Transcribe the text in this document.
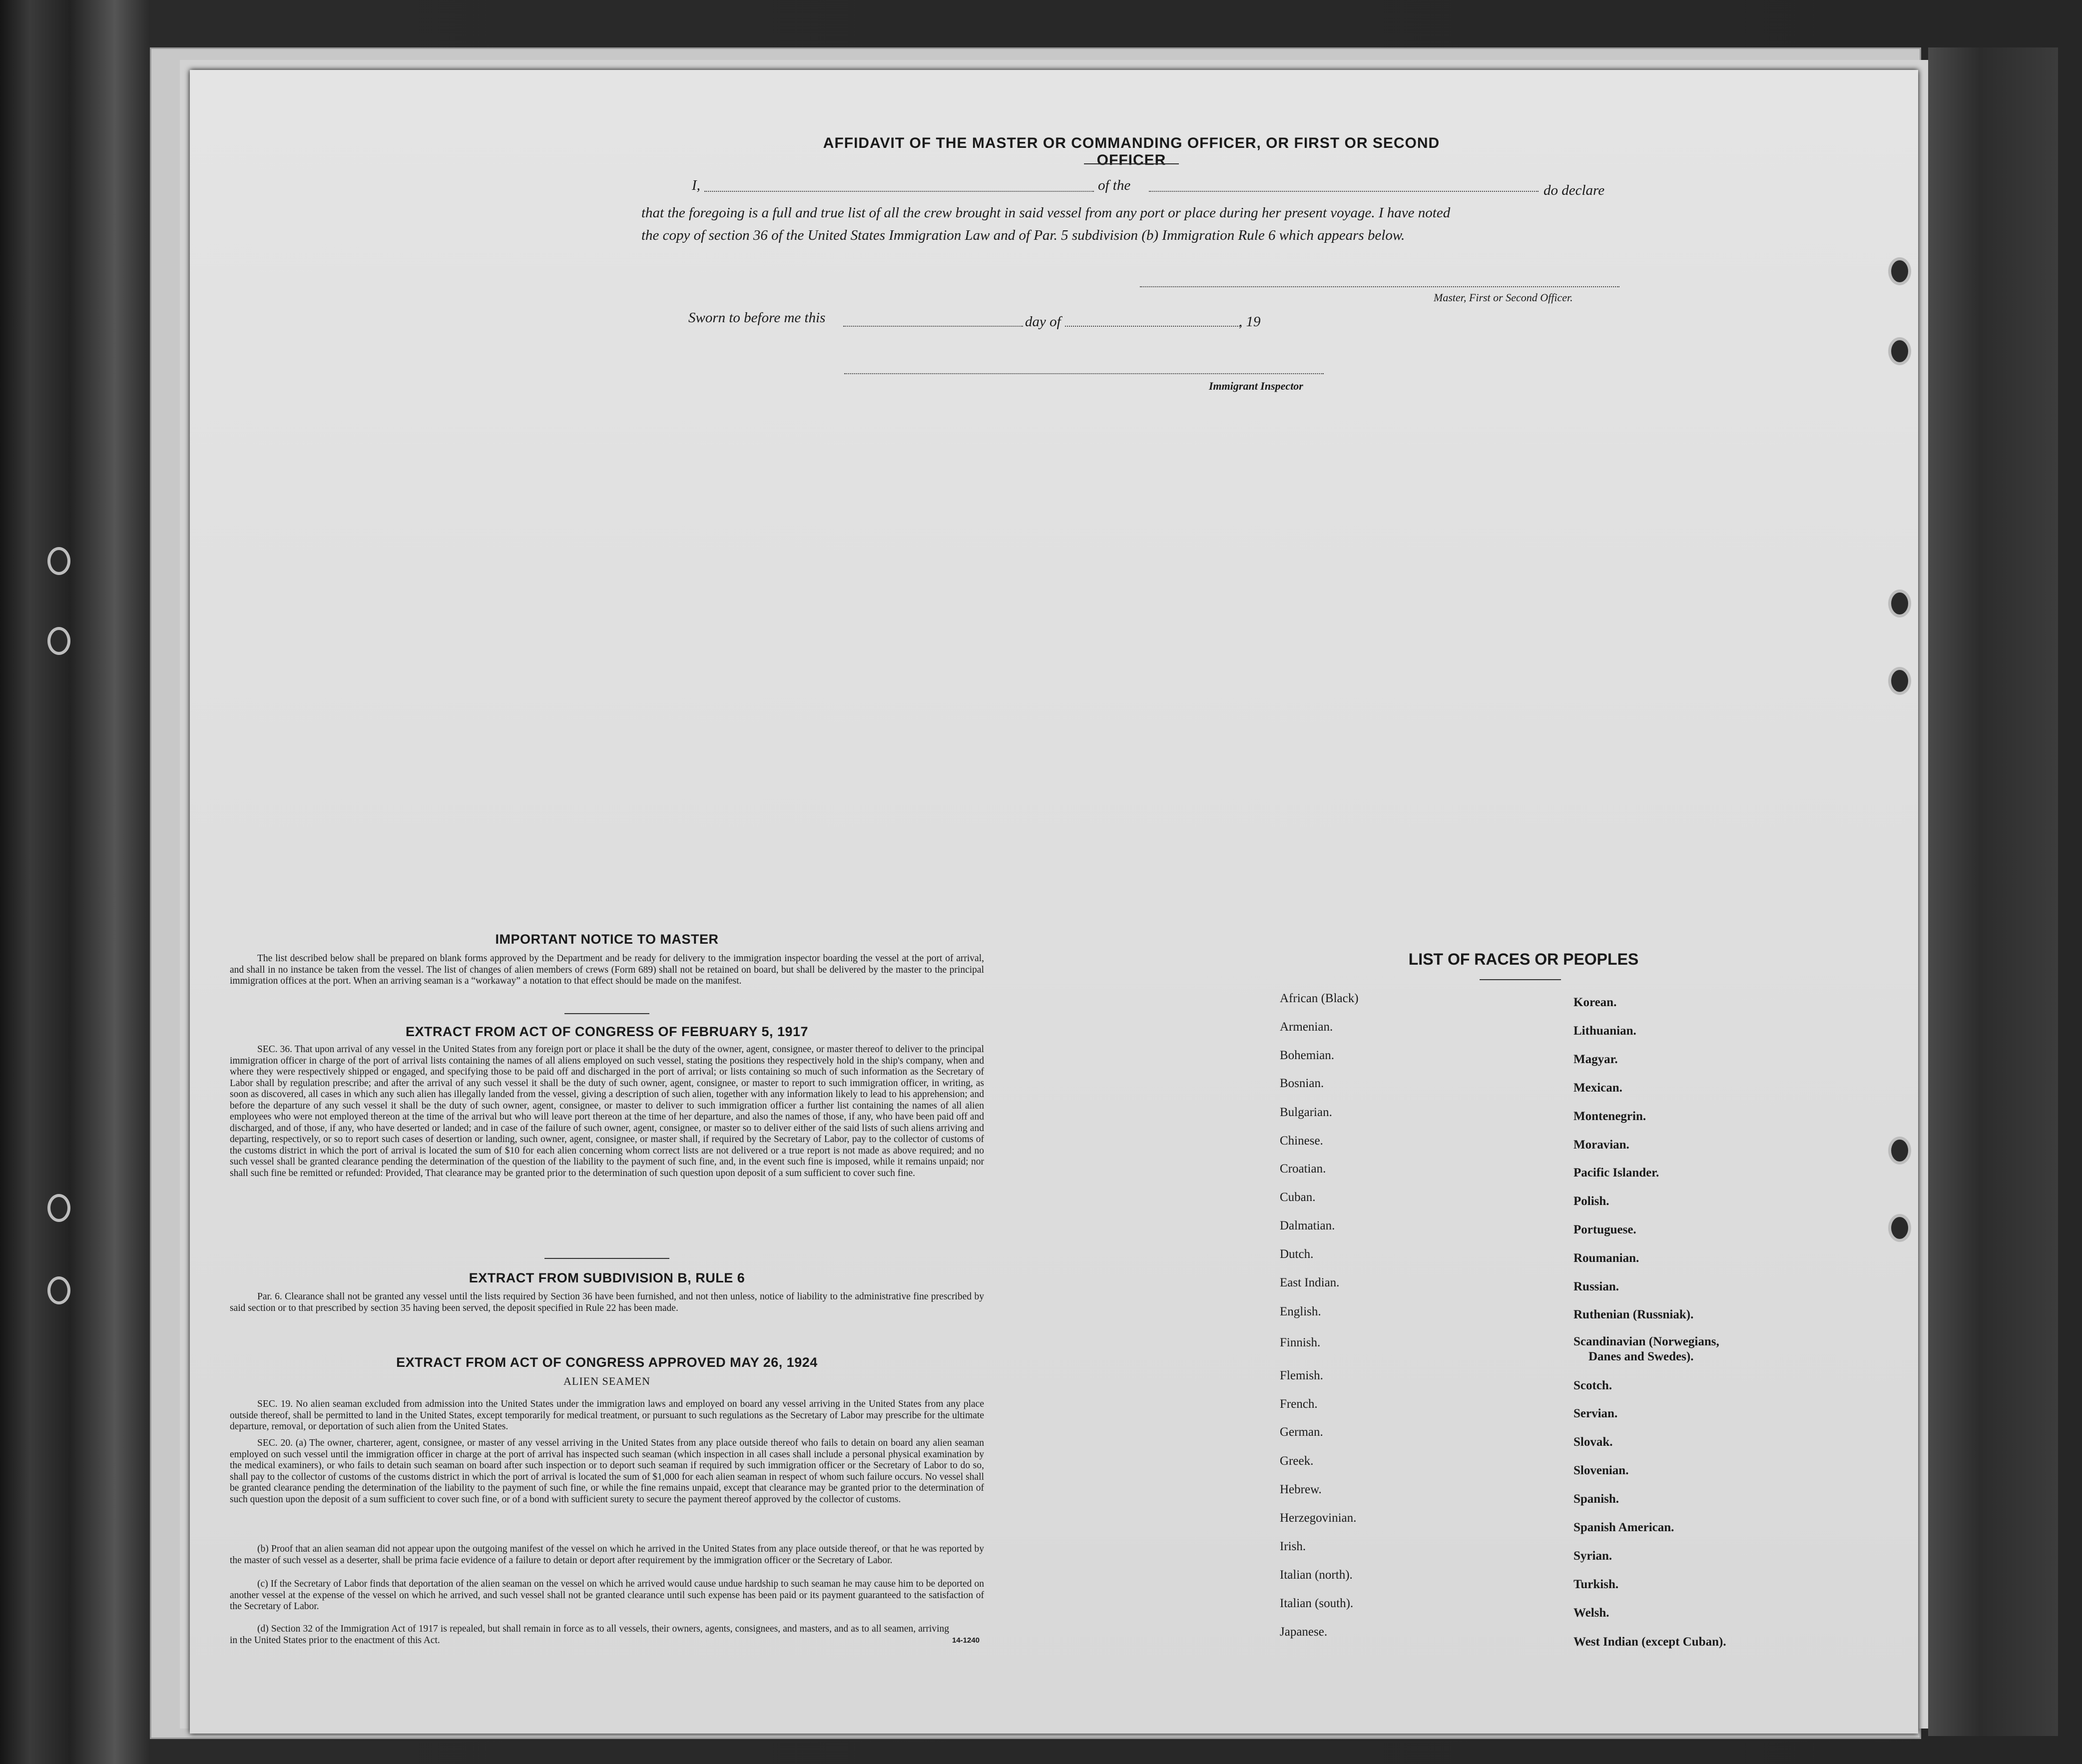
AFFIDAVIT OF THE MASTER OR COMMANDING OFFICER, OR FIRST OR SECOND OFFICER
I,	of the	do declare
that the foregoing is a full and true list of all the crew brought in said vessel from any port or place during her present voyage. I have noted
the copy of section 36 of the United States Immigration Law and of Par. 5 subdivision (b) Immigration Rule 6 which appears below.
Master, First or Second Officer.
Sworn to before me this	day of	, 19
Immigrant Inspector
IMPORTANT NOTICE TO MASTER
The list described below shall be prepared on blank forms approved by the Department and be ready for delivery to the immigration inspector boarding the vessel at the port of arrival, and shall in no instance be taken from the vessel. The list of changes of alien members of crews (Form 689) shall not be retained on board, but shall be delivered by the master to the principal immigration offices at the port. When an arriving seaman is a “workaway” a notation to that effect should be made on the manifest.
EXTRACT FROM ACT OF CONGRESS OF FEBRUARY 5, 1917
SEC. 36. That upon arrival of any vessel in the United States from any foreign port or place it shall be the duty of the owner, agent, consignee, or master thereof to deliver to the principal immigration officer in charge of the port of arrival lists containing the names of all aliens employed on such vessel, stating the positions they respectively hold in the ship's company, when and where they were respectively shipped or engaged, and specifying those to be paid off and discharged in the port of arrival; or lists containing so much of such information as the Secretary of Labor shall by regulation prescribe; and after the arrival of any such vessel it shall be the duty of such owner, agent, consignee, or master to report to such immigration officer, in writing, as soon as discovered, all cases in which any such alien has illegally landed from the vessel, giving a description of such alien, together with any information likely to lead to his apprehension; and before the departure of any such vessel it shall be the duty of such owner, agent, consignee, or master to deliver to such immigration officer a further list containing the names of all alien employees who were not employed thereon at the time of the arrival but who will leave port thereon at the time of her departure, and also the names of those, if any, who have been paid off and discharged, and of those, if any, who have deserted or landed; and in case of the failure of such owner, agent, consignee, or master so to deliver either of the said lists of such aliens arriving and departing, respectively, or so to report such cases of desertion or landing, such owner, agent, consignee, or master shall, if required by the Secretary of Labor, pay to the collector of customs of the customs district in which the port of arrival is located the sum of $10 for each alien concerning whom correct lists are not delivered or a true report is not made as above required; and no such vessel shall be granted clearance pending the determination of the question of the liability to the payment of such fine, and, in the event such fine is imposed, while it remains unpaid; nor shall such fine be remitted or refunded: Provided, That clearance may be granted prior to the determination of such question upon deposit of a sum sufficient to cover such fine.
EXTRACT FROM SUBDIVISION B, RULE 6
Par. 6. Clearance shall not be granted any vessel until the lists required by Section 36 have been furnished, and not then unless, notice of liability to the administrative fine prescribed by said section or to that prescribed by section 35 having been served, the deposit specified in Rule 22 has been made.
EXTRACT FROM ACT OF CONGRESS APPROVED MAY 26, 1924
ALIEN SEAMEN
SEC. 19. No alien seaman excluded from admission into the United States under the immigration laws and employed on board any vessel arriving in the United States from any place outside thereof, shall be permitted to land in the United States, except temporarily for medical treatment, or pursuant to such regulations as the Secretary of Labor may prescribe for the ultimate departure, removal, or deportation of such alien from the United States.
SEC. 20. (a) The owner, charterer, agent, consignee, or master of any vessel arriving in the United States from any place outside thereof who fails to detain on board any alien seaman employed on such vessel until the immigration officer in charge at the port of arrival has inspected such seaman (which inspection in all cases shall include a personal physical examination by the medical examiners), or who fails to detain such seaman on board after such inspection or to deport such seaman if required by such immigration officer or the Secretary of Labor to do so, shall pay to the collector of customs of the customs district in which the port of arrival is located the sum of $1,000 for each alien seaman in respect of whom such failure occurs. No vessel shall be granted clearance pending the determination of the liability to the payment of such fine, or while the fine remains unpaid, except that clearance may be granted prior to the determination of such question upon the deposit of a sum sufficient to cover such fine, or of a bond with sufficient surety to secure the payment thereof approved by the collector of customs.
(b) Proof that an alien seaman did not appear upon the outgoing manifest of the vessel on which he arrived in the United States from any place outside thereof, or that he was reported by the master of such vessel as a deserter, shall be prima facie evidence of a failure to detain or deport after requirement by the immigration officer or the Secretary of Labor.
(c) If the Secretary of Labor finds that deportation of the alien seaman on the vessel on which he arrived would cause undue hardship to such seaman he may cause him to be deported on another vessel at the expense of the vessel on which he arrived, and such vessel shall not be granted clearance until such expense has been paid or its payment guaranteed to the satisfaction of the Secretary of Labor.
(d) Section 32 of the Immigration Act of 1917 is repealed, but shall remain in force as to all vessels, their owners, agents, consignees, and masters, and as to all seamen, arriving in the United States prior to the enactment of this Act.	14-1240
LIST OF RACES OR PEOPLES
African (Black)
Armenian.
Bohemian.
Bosnian.
Bulgarian.
Chinese.
Croatian.
Cuban.
Dalmatian.
Dutch.
East Indian.
English.
Finnish.
Flemish.
French.
German.
Greek.
Hebrew.
Herzegovinian.
Irish.
Italian (north).
Italian (south).
Japanese.
Korean.
Lithuanian.
Magyar.
Mexican.
Montenegrin.
Moravian.
Pacific Islander.
Polish.
Portuguese.
Roumanian.
Russian.
Ruthenian (Russniak).
Scandinavian (Norwegians,
Danes and Swedes).
Scotch.
Servian.
Slovak.
Slovenian.
Spanish.
Spanish American.
Syrian.
Turkish.
Welsh.
West Indian (except Cuban).
